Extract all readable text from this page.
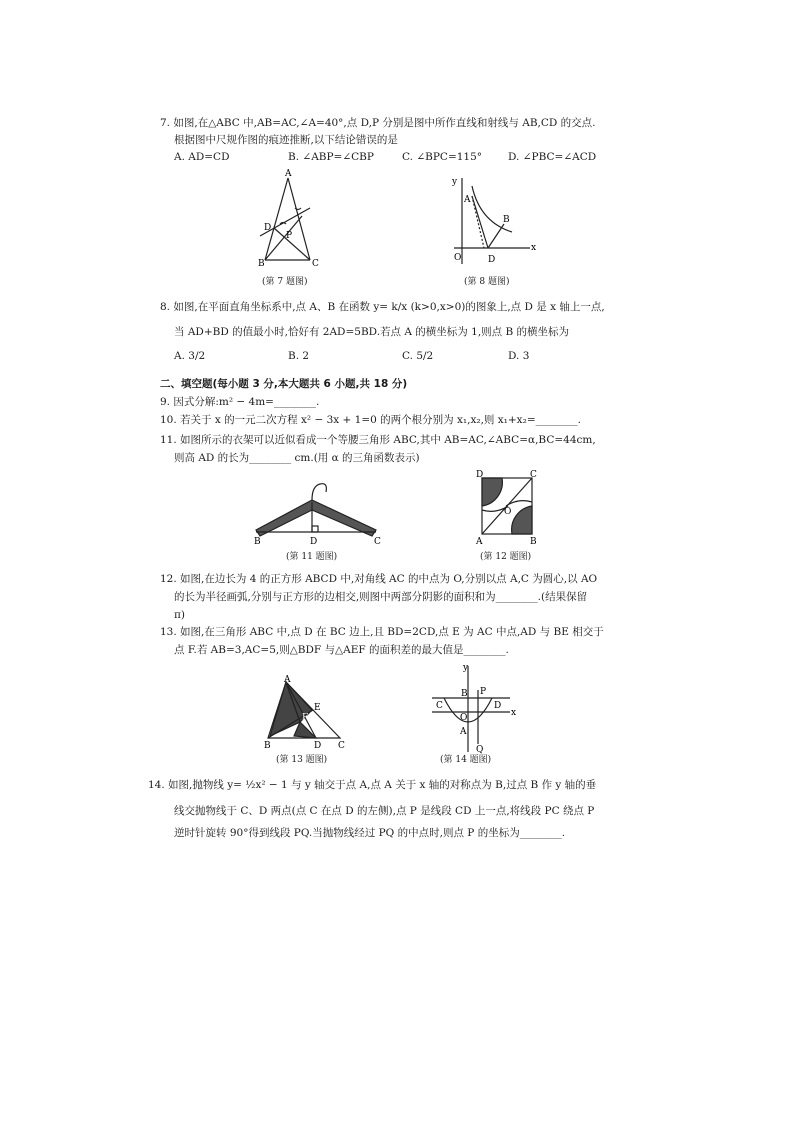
7. 如图,在△ABC 中,AB=AC,∠A=40°,点 D,P 分别是图中所作直线和射线与 AB,CD 的交点.
根据图中尺规作图的痕迹推断,以下结论错误的是
A. AD=CD	B. ∠ABP=∠CBP	C. ∠BPC=115° D. ∠PBC=∠ACD
A
D
P
B	C
(第 7 题图)
y
A
B
O	D
x
(第 8 题图)
8. 如图,在平面直角坐标系中,点 A、B 在函数 y= k/x (k>0,x>0)的图象上,点 D 是 x 轴上一点,
当 AD+BD 的值最小时,恰好有 2AD=5BD.若点 A 的横坐标为 1,则点 B 的横坐标为
A. 3/2	B. 2	C. 5/2	D. 3
二、填空题(每小题 3 分,本大题共 6 小题,共 18 分)
9. 因式分解:m² − 4m=________.
10. 若关于 x 的一元二次方程 x² − 3x + 1=0 的两个根分别为 x₁,x₂,则 x₁+x₂=________.
11. 如图所示的衣架可以近似看成一个等腰三角形 ABC,其中 AB=AC,∠ABC=α,BC=44cm,
则高 AD 的长为________ cm.(用 α 的三角函数表示)
B	D	C
(第 11 题图)
D	C
O
A	B
(第 12 题图)
12. 如图,在边长为 4 的正方形 ABCD 中,对角线 AC 的中点为 O,分别以点 A,C 为圆心,以 AO
的长为半径画弧,分别与正方形的边相交,则图中两部分阴影的面积和为________.(结果保留
π)
13. 如图,在三角形 ABC 中,点 D 在 BC 边上,且 BD=2CD,点 E 为 AC 中点,AD 与 BE 相交于
点 F.若 AB=3,AC=5,则△BDF 与△AEF 的面积差的最大值是________.
A
E
F
B	D C
(第 13 题图)
y
B P
C	D
O	x
A
Q
(第 14 题图)
14. 如图,抛物线 y= ½x² − 1 与 y 轴交于点 A,点 A 关于 x 轴的对称点为 B,过点 B 作 y 轴的垂
线交抛物线于 C、D 两点(点 C 在点 D 的左侧),点 P 是线段 CD 上一点,将线段 PC 绕点 P
逆时针旋转 90°得到线段 PQ.当抛物线经过 PQ 的中点时,则点 P 的坐标为________.
